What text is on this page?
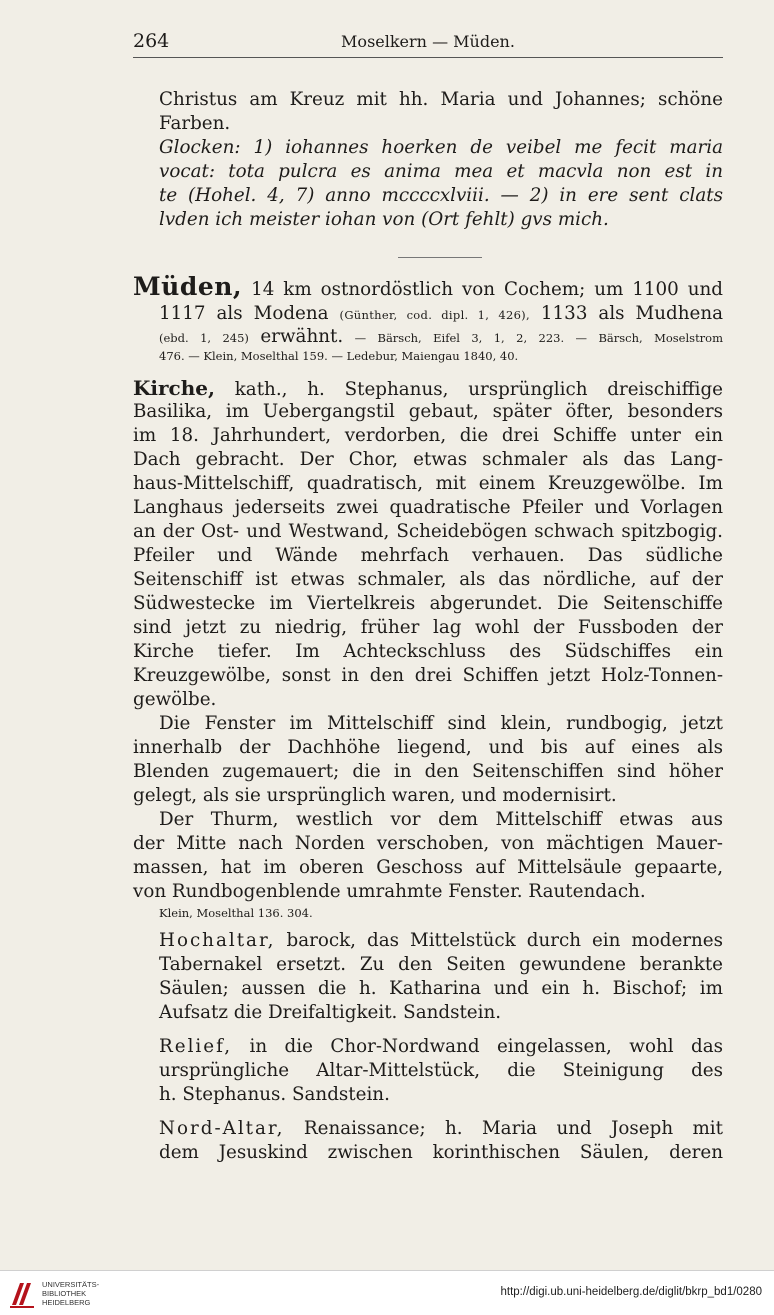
264	Moselkern — Müden.
Christus am Kreuz mit hh. Maria und Johannes; schöne
Farben.
Glocken: 1) iohannes hoerken de veibel me fecit maria
vocat: tota pulcra es anima mea et macvla non est in
te (Hohel. 4, 7) anno mccccxlviii. — 2) in ere sent clats
lvden ich meister iohan von (Ort fehlt) gvs mich.
Müden, 14 km ostnordöstlich von Cochem; um 1100 und
1117 als Modena (Günther, cod. dipl. 1, 426), 1133 als Mudhena
(ebd. 1, 245) erwähnt. — Bärsch, Eifel 3, 1, 2, 223. — Bärsch, Moselstrom
476. — Klein, Moselthal 159. — Ledebur, Maiengau 1840, 40.
Kirche, kath., h. Stephanus, ursprünglich dreischiffige
Basilika, im Uebergangstil gebaut, später öfter, besonders
im 18. Jahrhundert, verdorben, die drei Schiffe unter ein
Dach gebracht. Der Chor, etwas schmaler als das Lang-
haus-Mittelschiff, quadratisch, mit einem Kreuzgewölbe. Im
Langhaus jederseits zwei quadratische Pfeiler und Vorlagen
an der Ost- und Westwand, Scheidebögen schwach spitzbogig.
Pfeiler und Wände mehrfach verhauen. Das südliche
Seitenschiff ist etwas schmaler, als das nördliche, auf der
Südwestecke im Viertelkreis abgerundet. Die Seitenschiffe
sind jetzt zu niedrig, früher lag wohl der Fussboden der
Kirche tiefer. Im Achteckschluss des Südschiffes ein
Kreuzgewölbe, sonst in den drei Schiffen jetzt Holz-Tonnen-
gewölbe.
Die Fenster im Mittelschiff sind klein, rundbogig, jetzt
innerhalb der Dachhöhe liegend, und bis auf eines als
Blenden zugemauert; die in den Seitenschiffen sind höher
gelegt, als sie ursprünglich waren, und modernisirt.
Der Thurm, westlich vor dem Mittelschiff etwas aus
der Mitte nach Norden verschoben, von mächtigen Mauer-
massen, hat im oberen Geschoss auf Mittelsäule gepaarte,
von Rundbogenblende umrahmte Fenster. Rautendach.
Klein, Moselthal 136. 304.
Hochaltar, barock, das Mittelstück durch ein modernes
Tabernakel ersetzt. Zu den Seiten gewundene berankte
Säulen; aussen die h. Katharina und ein h. Bischof; im
Aufsatz die Dreifaltigkeit. Sandstein.
Relief, in die Chor-Nordwand eingelassen, wohl das
ursprüngliche Altar-Mittelstück, die Steinigung des
h. Stephanus. Sandstein.
Nord-Altar, Renaissance; h. Maria und Joseph mit
dem Jesuskind zwischen korinthischen Säulen, deren
UNIVERSITÄTS-
BIBLIOTHEK
HEIDELBERG
http://digi.ub.uni-heidelberg.de/diglit/bkrp_bd1/0280
